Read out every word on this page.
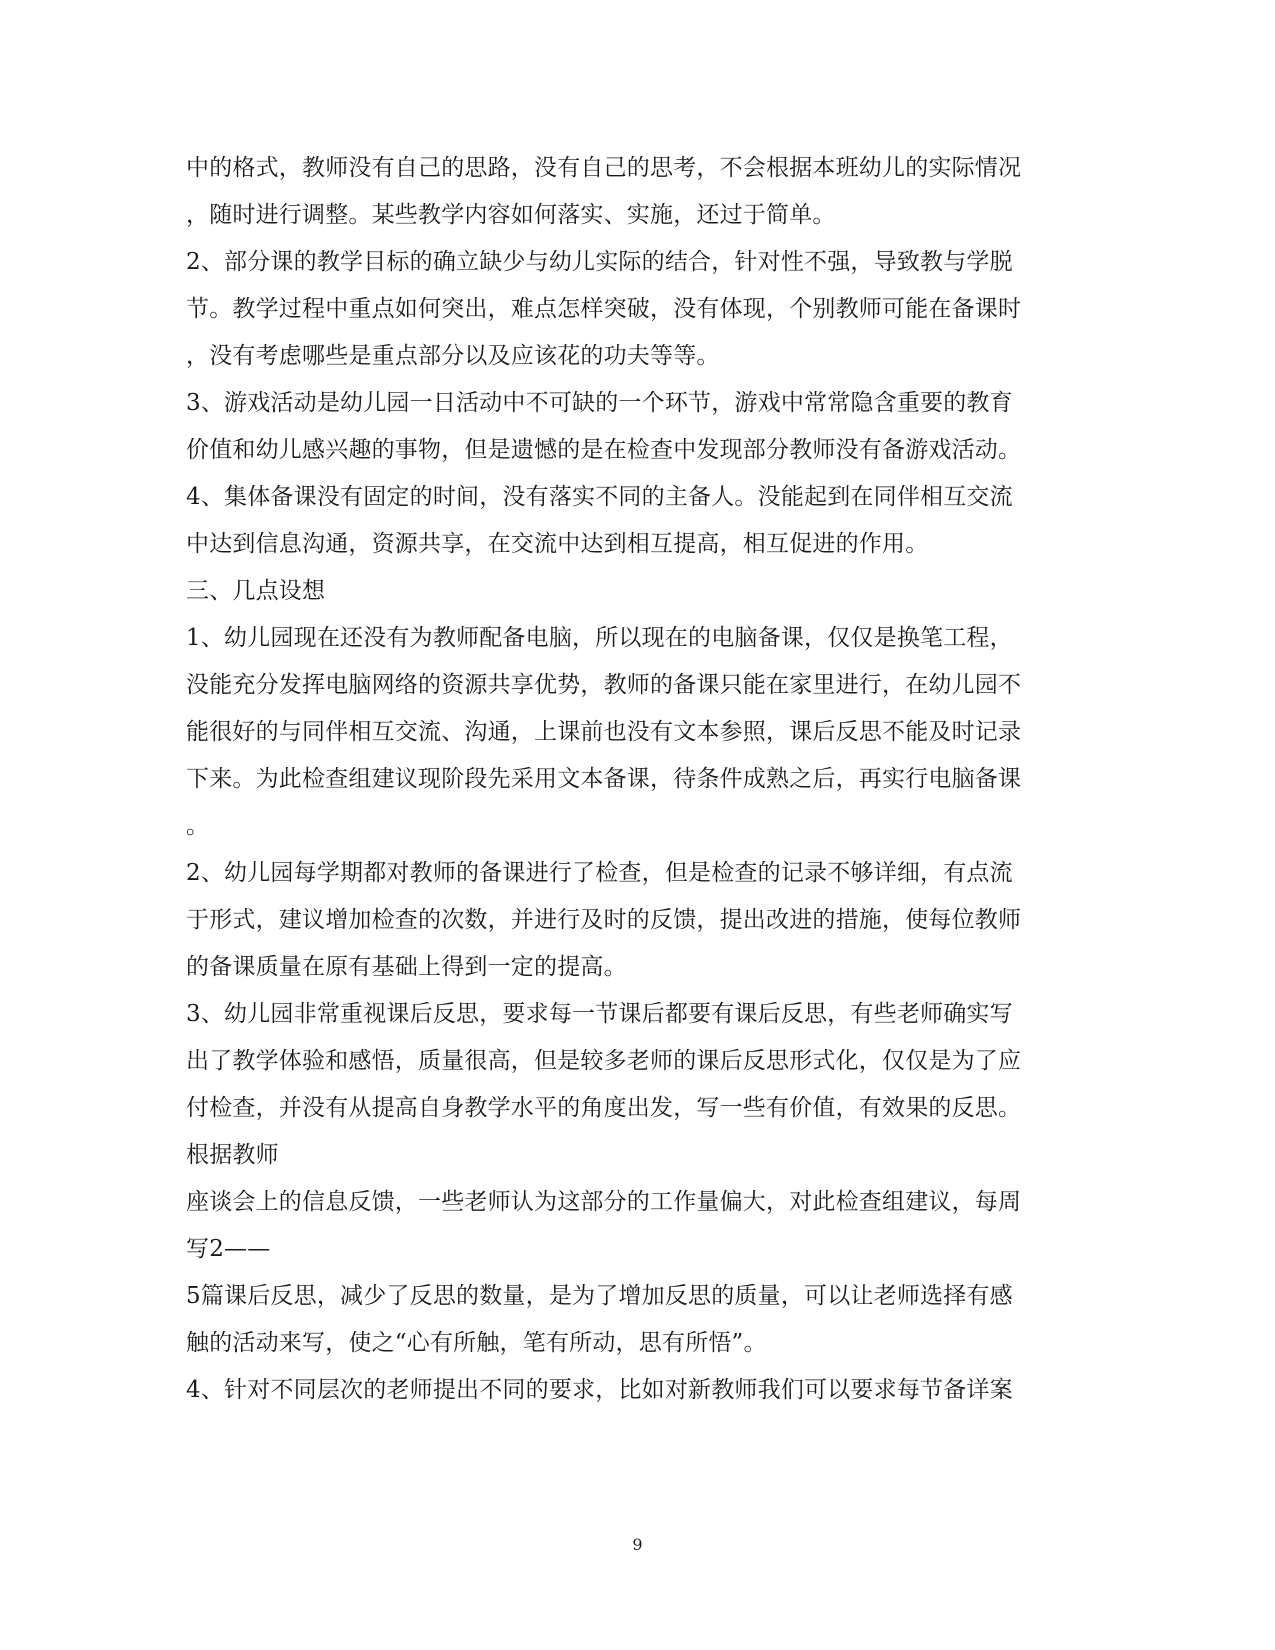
中的格式，教师没有自己的思路，没有自己的思考，不会根据本班幼儿的实际情况
，随时进行调整。某些教学内容如何落实、实施，还过于简单。
2、部分课的教学目标的确立缺少与幼儿实际的结合，针对性不强，导致教与学脱
节。教学过程中重点如何突出，难点怎样突破，没有体现，个别教师可能在备课时
，没有考虑哪些是重点部分以及应该花的功夫等等。
3、游戏活动是幼儿园一日活动中不可缺的一个环节，游戏中常常隐含重要的教育
价值和幼儿感兴趣的事物，但是遗憾的是在检查中发现部分教师没有备游戏活动。
4、集体备课没有固定的时间，没有落实不同的主备人。没能起到在同伴相互交流
中达到信息沟通，资源共享，在交流中达到相互提高，相互促进的作用。
三、几点设想
1、幼儿园现在还没有为教师配备电脑，所以现在的电脑备课，仅仅是换笔工程，
没能充分发挥电脑网络的资源共享优势，教师的备课只能在家里进行，在幼儿园不
能很好的与同伴相互交流、沟通，上课前也没有文本参照，课后反思不能及时记录
下来。为此检查组建议现阶段先采用文本备课，待条件成熟之后，再实行电脑备课
。
2、幼儿园每学期都对教师的备课进行了检查，但是检查的记录不够详细，有点流
于形式，建议增加检查的次数，并进行及时的反馈，提出改进的措施，使每位教师
的备课质量在原有基础上得到一定的提高。
3、幼儿园非常重视课后反思，要求每一节课后都要有课后反思，有些老师确实写
出了教学体验和感悟，质量很高，但是较多老师的课后反思形式化，仅仅是为了应
付检查，并没有从提高自身教学水平的角度出发，写一些有价值，有效果的反思。
根据教师
座谈会上的信息反馈，一些老师认为这部分的工作量偏大，对此检查组建议，每周
写2——
5篇课后反思，减少了反思的数量，是为了增加反思的质量，可以让老师选择有感
触的活动来写，使之“心有所触，笔有所动，思有所悟”。
4、针对不同层次的老师提出不同的要求，比如对新教师我们可以要求每节备详案
9
